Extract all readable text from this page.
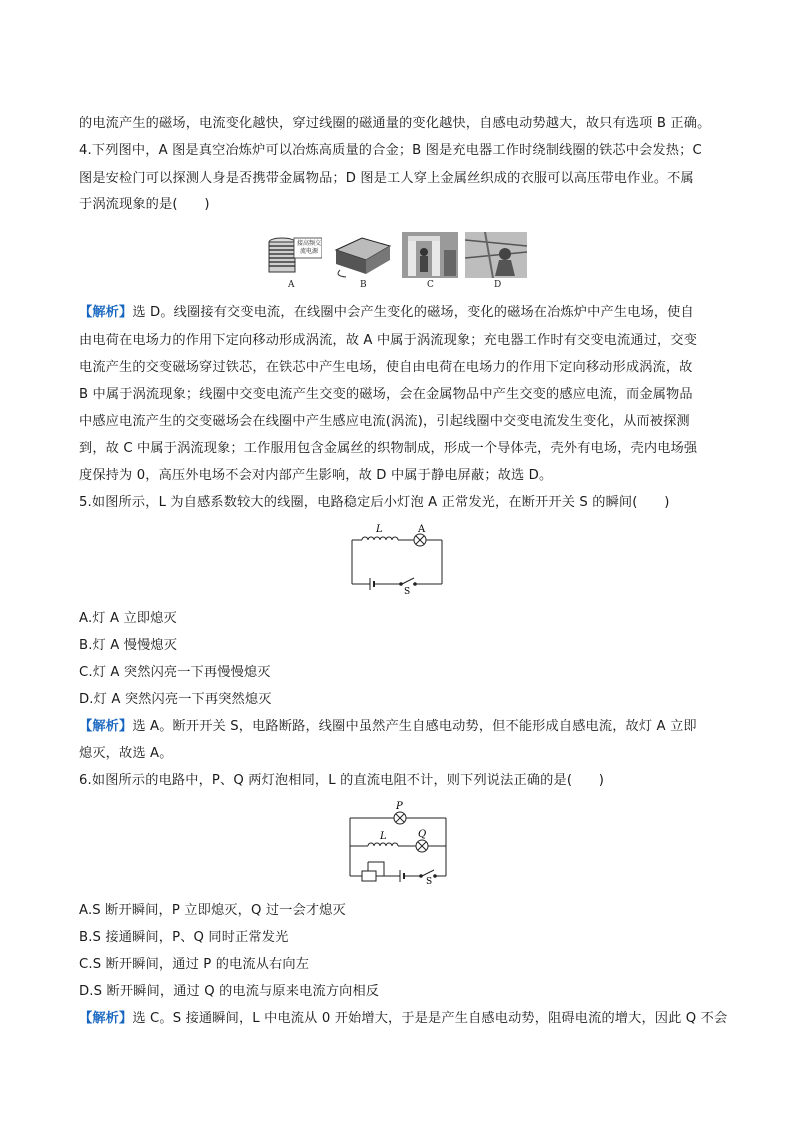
的电流产生的磁场，电流变化越快，穿过线圈的磁通量的变化越快，自感电动势越大，故只有选项 B 正确。
4.下列图中，A 图是真空冶炼炉可以冶炼高质量的合金；B 图是充电器工作时绕制线圈的铁芯中会发热；C
图是安检门可以探测人身是否携带金属物品；D 图是工人穿上金属丝织成的衣服可以高压带电作业。不属
于涡流现象的是(　　)
接高频交流电源
A	B	C	D
【解析】选 D。线圈接有交变电流，在线圈中会产生变化的磁场，变化的磁场在冶炼炉中产生电场，使自
由电荷在电场力的作用下定向移动形成涡流，故 A 中属于涡流现象；充电器工作时有交变电流通过，交变
电流产生的交变磁场穿过铁芯，在铁芯中产生电场，使自由电荷在电场力的作用下定向移动形成涡流，故
B 中属于涡流现象；线圈中交变电流产生交变的磁场，会在金属物品中产生交变的感应电流，而金属物品
中感应电流产生的交变磁场会在线圈中产生感应电流(涡流)，引起线圈中交变电流发生变化，从而被探测
到，故 C 中属于涡流现象；工作服用包含金属丝的织物制成，形成一个导体壳，壳外有电场，壳内电场强
度保持为 0，高压外电场不会对内部产生影响，故 D 中属于静电屏蔽；故选 D。
5.如图所示，L 为自感系数较大的线圈，电路稳定后小灯泡 A 正常发光，在断开开关 S 的瞬间(　　)
L	A
S
A.灯 A 立即熄灭
B.灯 A 慢慢熄灭
C.灯 A 突然闪亮一下再慢慢熄灭
D.灯 A 突然闪亮一下再突然熄灭
【解析】选 A。断开开关 S，电路断路，线圈中虽然产生自感电动势，但不能形成自感电流，故灯 A 立即
熄灭，故选 A。
6.如图所示的电路中，P、Q 两灯泡相同，L 的直流电阻不计，则下列说法正确的是(　　)
P
L	Q
S
A.S 断开瞬间，P 立即熄灭，Q 过一会才熄灭
B.S 接通瞬间，P、Q 同时正常发光
C.S 断开瞬间，通过 P 的电流从右向左
D.S 断开瞬间，通过 Q 的电流与原来电流方向相反
【解析】选 C。S 接通瞬间，L 中电流从 0 开始增大，于是是产生自感电动势，阻碍电流的增大，因此 Q 不会
